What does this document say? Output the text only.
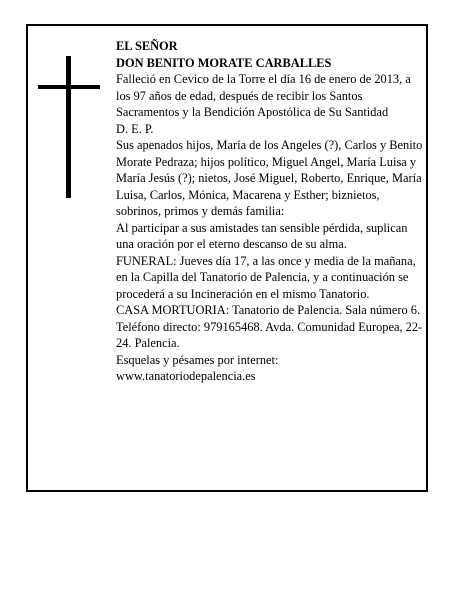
EL SEÑOR

DON BENITO MORATE CARBALLES

Falleció en Cevico de la Torre el día 16 de enero de 2013, a los 97 años de edad, después de recibir los Santos Sacramentos y la Bendición Apostólica de Su Santidad

D. E. P.

Sus apenados hijos, María de los Angeles (?), Carlos y Benito Morate Pedraza; hijos político, Miguel Angel, María Luisa y María Jesús (?); nietos, José Miguel, Roberto, Enrique, María Luisa, Carlos, Mónica, Macarena y Esther; biznietos, sobrinos, primos y demás familia:

Al participar a sus amistades tan sensible pérdida, suplican una oración por el eterno descanso de su alma.

FUNERAL: Jueves día 17, a las once y media de la mañana, en la Capilla del Tanatorio de Palencia, y a continuación se procederá a su Incineración en el mismo Tanatorio.

CASA MORTUORIA: Tanatorio de Palencia. Sala número 6. Teléfono directo: 979165468. Avda. Comunidad Europea, 22-24. Palencia.

Esquelas y pésames por internet:

www.tanatoriodepalencia.es
